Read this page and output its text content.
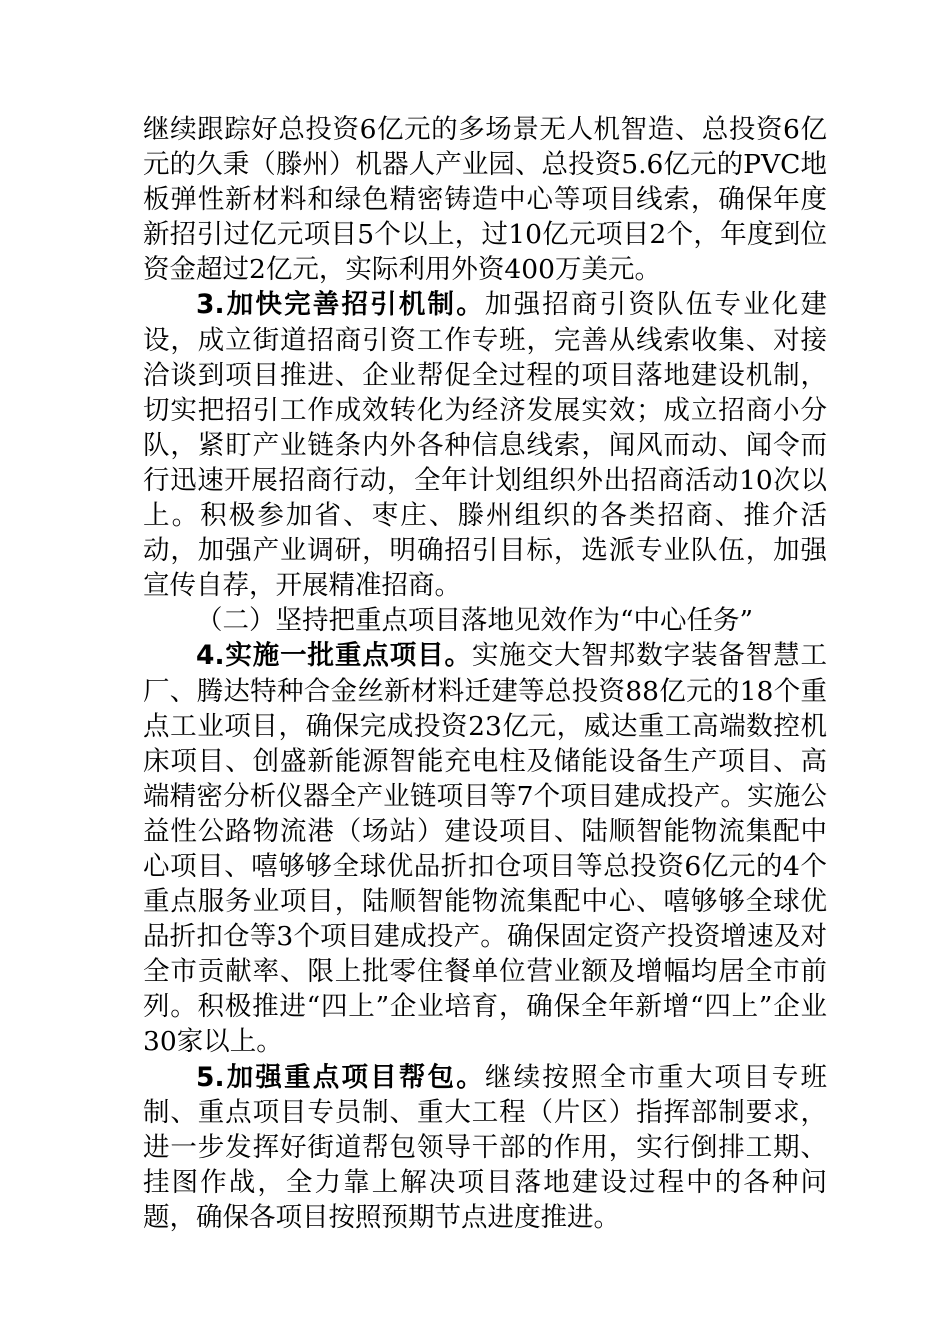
继续跟踪好总投资6亿元的多场景无人机智造、总投资6亿元的久秉（滕州）机器人产业园、总投资5.6亿元的PVC地板弹性新材料和绿色精密铸造中心等项目线索，确保年度新招引过亿元项目5个以上，过10亿元项目2个，年度到位资金超过2亿元，实际利用外资400万美元。

3.加快完善招引机制。加强招商引资队伍专业化建设，成立街道招商引资工作专班，完善从线索收集、对接洽谈到项目推进、企业帮促全过程的项目落地建设机制，切实把招引工作成效转化为经济发展实效；成立招商小分队，紧盯产业链条内外各种信息线索，闻风而动、闻令而行迅速开展招商行动，全年计划组织外出招商活动10次以上。积极参加省、枣庄、滕州组织的各类招商、推介活动，加强产业调研，明确招引目标，选派专业队伍，加强宣传自荐，开展精准招商。

（二）坚持把重点项目落地见效作为“中心任务”

4.实施一批重点项目。实施交大智邦数字装备智慧工厂、腾达特种合金丝新材料迁建等总投资88亿元的18个重点工业项目，确保完成投资23亿元，威达重工高端数控机床项目、创盛新能源智能充电柱及储能设备生产项目、高端精密分析仪器全产业链项目等7个项目建成投产。实施公益性公路物流港（场站）建设项目、陆顺智能物流集配中心项目、嘻够够全球优品折扣仓项目等总投资6亿元的4个重点服务业项目，陆顺智能物流集配中心、嘻够够全球优品折扣仓等3个项目建成投产。确保固定资产投资增速及对全市贡献率、限上批零住餐单位营业额及增幅均居全市前列。积极推进“四上”企业培育，确保全年新增“四上”企业30家以上。

5.加强重点项目帮包。继续按照全市重大项目专班制、重点项目专员制、重大工程（片区）指挥部制要求，进一步发挥好街道帮包领导干部的作用，实行倒排工期、挂图作战，全力靠上解决项目落地建设过程中的各种问题，确保各项目按照预期节点进度推进。
